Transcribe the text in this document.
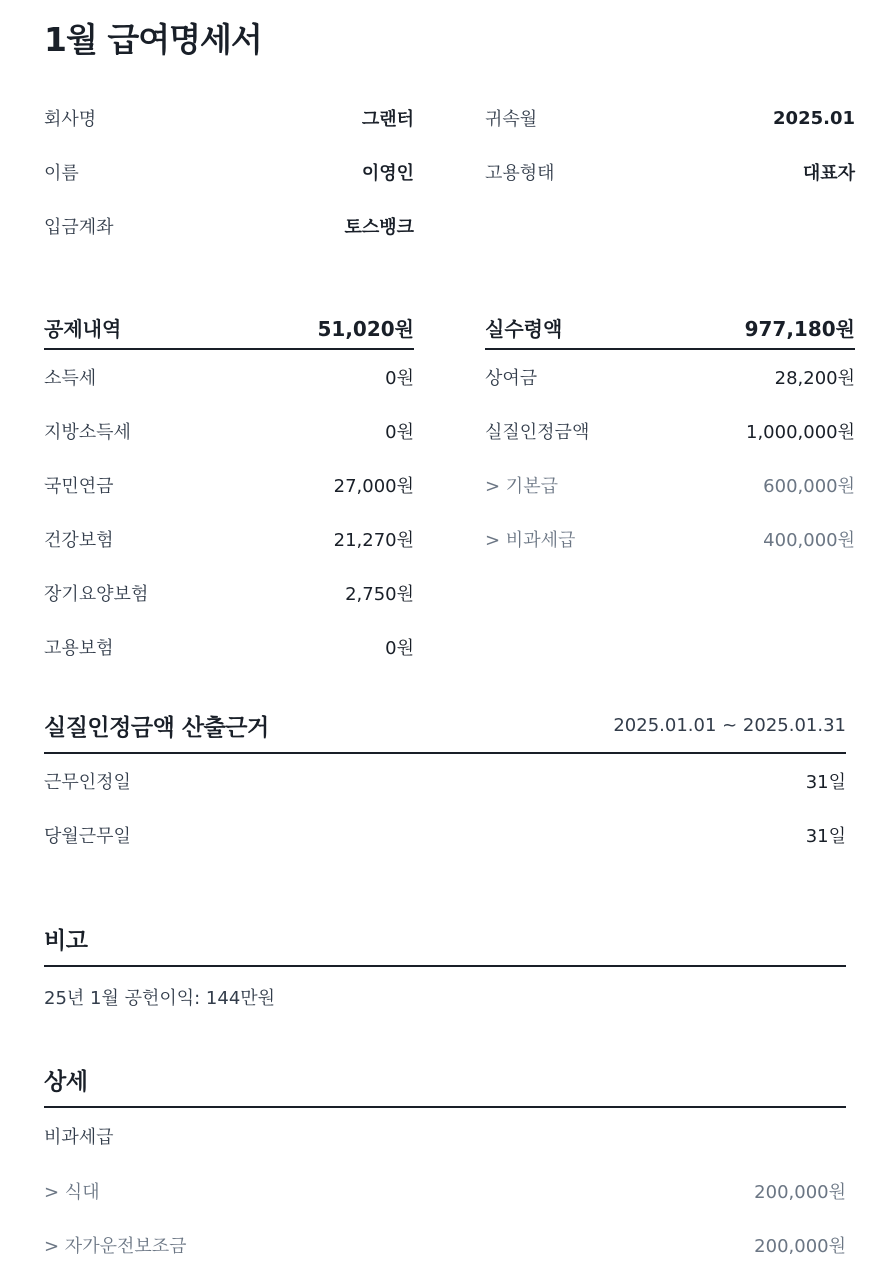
1월 급여명세서
회사명	그랜터
이름	이영인
입금계좌	토스뱅크
귀속월	2025.01
고용형태	대표자
공제내역	51,020원
소득세	0원
지방소득세	0원
국민연금	27,000원
건강보험	21,270원
장기요양보험	2,750원
고용보험	0원
실수령액	977,180원
상여금	28,200원
실질인정금액	1,000,000원
> 기본급	600,000원
> 비과세급	400,000원
실질인정금액 산출근거	2025.01.01 ~ 2025.01.31
근무인정일	31일
당월근무일	31일
비고
25년 1월 공헌이익: 144만원
상세
비과세급
> 식대	200,000원
> 자가운전보조금	200,000원
